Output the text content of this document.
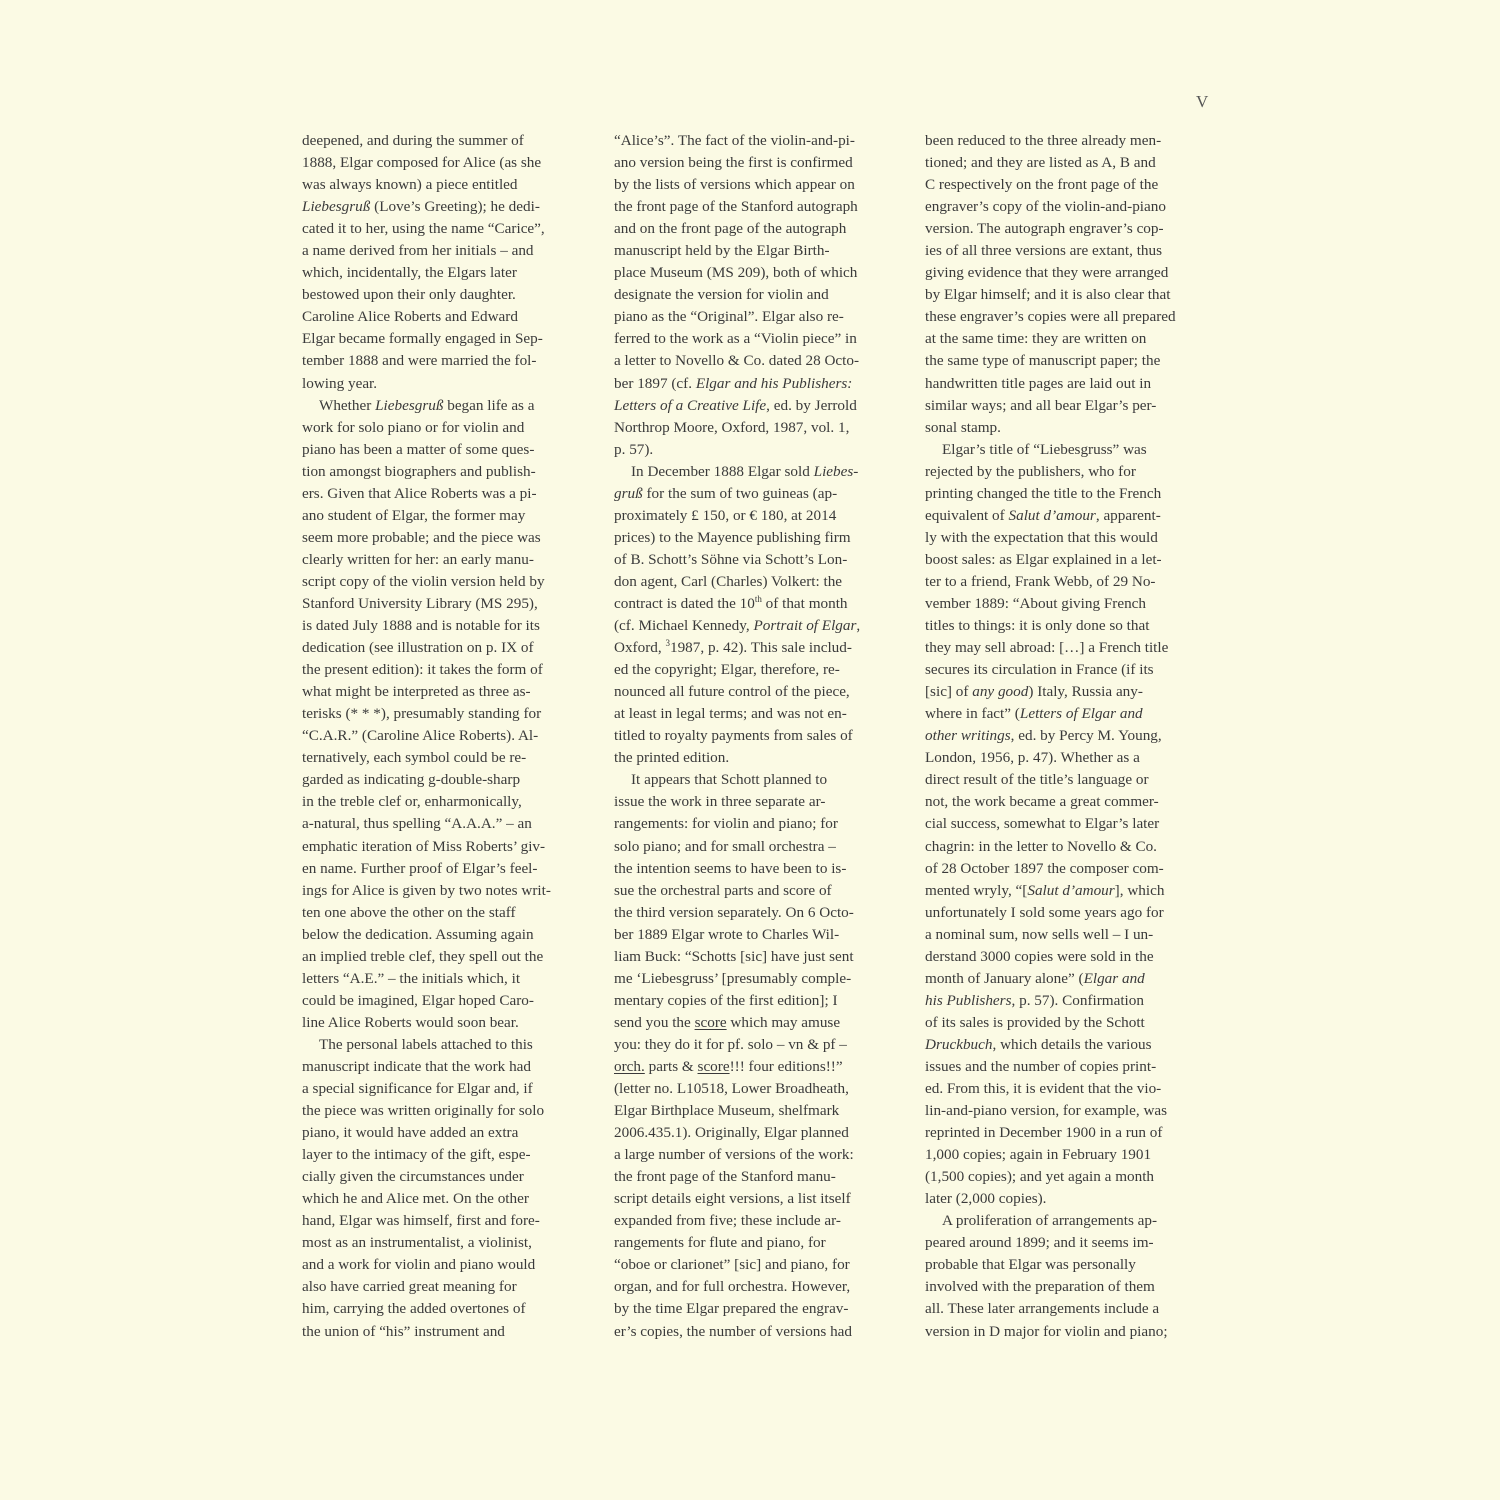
V
deepened, and during the summer of
1888, Elgar composed for Alice (as she
was always known) a piece entitled
Liebesgruß (Love’s Greeting); he dedi-
cated it to her, using the name “Carice”,
a name derived from her initials – and
which, incidentally, the Elgars later
bestowed upon their only daughter.
Caroline Alice Roberts and Edward
Elgar became formally engaged in Sep-
tember 1888 and were married the fol-
lowing year.
Whether Liebesgruß began life as a
work for solo piano or for violin and
piano has been a matter of some ques-
tion amongst biographers and publish-
ers. Given that Alice Roberts was a pi-
ano student of Elgar, the former may
seem more probable; and the piece was
clearly written for her: an early manu-
script copy of the violin version held by
Stanford University Library (MS 295),
is dated July 1888 and is notable for its
dedication (see illustration on p. IX of
the present edition): it takes the form of
what might be interpreted as three as-
terisks (* * *), presumably standing for
“C.A.R.” (Caroline Alice Roberts). Al-
ternatively, each symbol could be re-
garded as indicating g-double-sharp
in the treble clef or, enharmonically,
a-natural, thus spelling “A.A.A.” – an
emphatic iteration of Miss Roberts’ giv-
en name. Further proof of Elgar’s feel-
ings for Alice is given by two notes writ-
ten one above the other on the staff
below the dedication. Assuming again
an implied treble clef, they spell out the
letters “A.E.” – the initials which, it
could be imagined, Elgar hoped Caro-
line Alice Roberts would soon bear.
The personal labels attached to this
manuscript indicate that the work had
a special significance for Elgar and, if
the piece was written originally for solo
piano, it would have added an extra
layer to the intimacy of the gift, espe-
cially given the circumstances under
which he and Alice met. On the other
hand, Elgar was himself, first and fore-
most as an instrumentalist, a violinist,
and a work for violin and piano would
also have carried great meaning for
him, carrying the added overtones of
the union of “his” instrument and
“Alice’s”. The fact of the violin-and-pi-
ano version being the first is confirmed
by the lists of versions which appear on
the front page of the Stanford autograph
and on the front page of the autograph
manuscript held by the Elgar Birth-
place Museum (MS 209), both of which
designate the version for violin and
piano as the “Original”. Elgar also re-
ferred to the work as a “Violin piece” in
a letter to Novello & Co. dated 28 Octo-
ber 1897 (cf. Elgar and his Publishers:
Letters of a Creative Life, ed. by Jerrold
Northrop Moore, Oxford, 1987, vol. 1,
p. 57).
In December 1888 Elgar sold Liebes-
gruß for the sum of two guineas (ap-
proximately £ 150, or € 180, at 2014
prices) to the Mayence publishing firm
of B. Schott’s Söhne via Schott’s Lon-
don agent, Carl (Charles) Volkert: the
contract is dated the 10th of that month
(cf. Michael Kennedy, Portrait of Elgar,
Oxford, $^3$1987, p. 42). This sale includ-
ed the copyright; Elgar, therefore, re-
nounced all future control of the piece,
at least in legal terms; and was not en-
titled to royalty payments from sales of
the printed edition.
It appears that Schott planned to
issue the work in three separate ar-
rangements: for violin and piano; for
solo piano; and for small orchestra –
the intention seems to have been to is-
sue the orchestral parts and score of
the third version separately. On 6 Octo-
ber 1889 Elgar wrote to Charles Wil-
liam Buck: “Schotts [sic] have just sent
me ‘Liebesgruss’ [presumably comple-
mentary copies of the first edition]; I
send you the score which may amuse
you: they do it for pf. solo – vn & pf –
orch. parts & score!!! four editions!!”
(letter no. L10518, Lower Broadheath,
Elgar Birthplace Museum, shelfmark
2006.435.1). Originally, Elgar planned
a large number of versions of the work:
the front page of the Stanford manu-
script details eight versions, a list itself
expanded from five; these include ar-
rangements for flute and piano, for
“oboe or clarionet” [sic] and piano, for
organ, and for full orchestra. However,
by the time Elgar prepared the engrav-
er’s copies, the number of versions had
been reduced to the three already men-
tioned; and they are listed as A, B and
C respectively on the front page of the
engraver’s copy of the violin-and-piano
version. The autograph engraver’s cop-
ies of all three versions are extant, thus
giving evidence that they were arranged
by Elgar himself; and it is also clear that
these engraver’s copies were all prepared
at the same time: they are written on
the same type of manuscript paper; the
handwritten title pages are laid out in
similar ways; and all bear Elgar’s per-
sonal stamp.
Elgar’s title of “Liebesgruss” was
rejected by the publishers, who for
printing changed the title to the French
equivalent of Salut d’amour, apparent-
ly with the expectation that this would
boost sales: as Elgar explained in a let-
ter to a friend, Frank Webb, of 29 No-
vember 1889: “About giving French
titles to things: it is only done so that
they may sell abroad: […] a French title
secures its circulation in France (if its
[sic] of any good) Italy, Russia any-
where in fact” (Letters of Elgar and
other writings, ed. by Percy M. Young,
London, 1956, p. 47). Whether as a
direct result of the title’s language or
not, the work became a great commer-
cial success, somewhat to Elgar’s later
chagrin: in the letter to Novello & Co.
of 28 October 1897 the composer com-
mented wryly, “[Salut d’amour], which
unfortunately I sold some years ago for
a nominal sum, now sells well – I un-
derstand 3000 copies were sold in the
month of January alone” (Elgar and
his Publishers, p. 57). Confirmation
of its sales is provided by the Schott
Druckbuch, which details the various
issues and the number of copies print-
ed. From this, it is evident that the vio-
lin-and-piano version, for example, was
reprinted in December 1900 in a run of
1,000 copies; again in February 1901
(1,500 copies); and yet again a month
later (2,000 copies).
A proliferation of arrangements ap-
peared around 1899; and it seems im-
probable that Elgar was personally
involved with the preparation of them
all. These later arrangements include a
version in D major for violin and piano;
